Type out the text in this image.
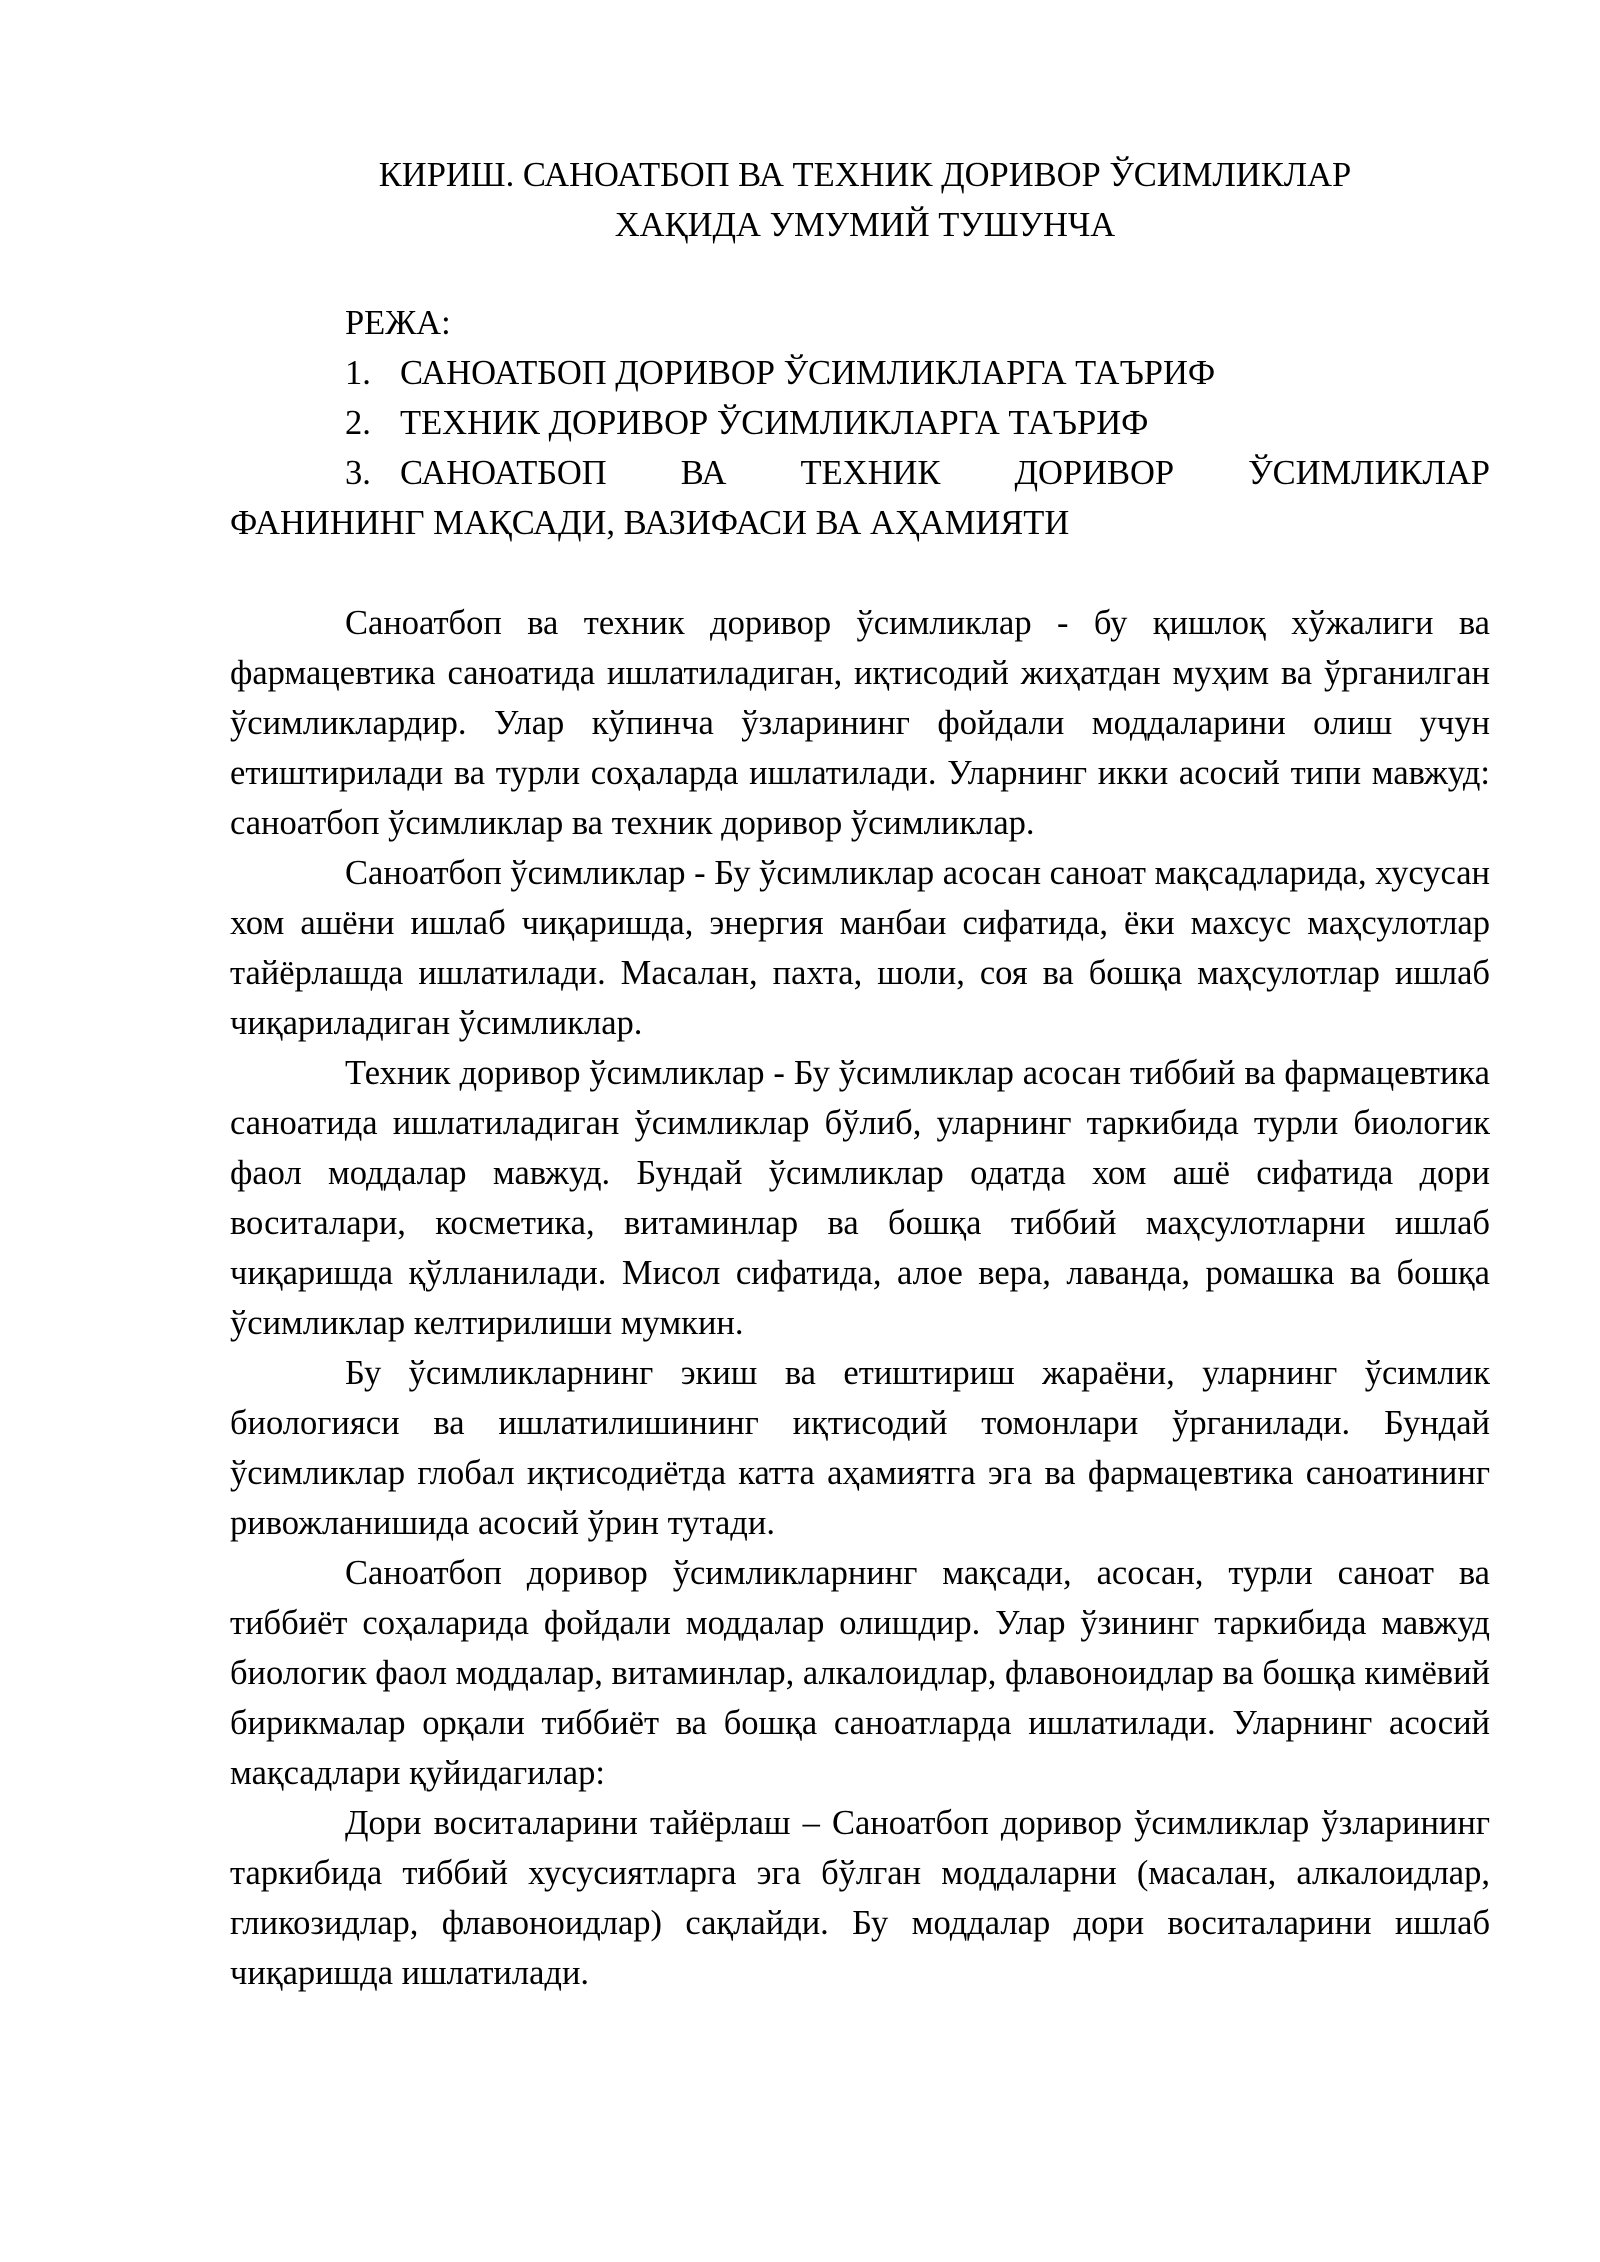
КИРИШ. САНОАТБОП ВА ТЕХНИК ДОРИВОР ЎСИМЛИКЛАР
ХАҚИДА УМУМИЙ ТУШУНЧА
РЕЖА:
1. САНОАТБОП ДОРИВОР ЎСИМЛИКЛАРГА ТАЪРИФ
2. ТЕХНИК ДОРИВОР ЎСИМЛИКЛАРГА ТАЪРИФ
3. САНОАТБОП ВА ТЕХНИК ДОРИВОР ЎСИМЛИКЛАР
ФАНИНИНГ МАҚСАДИ, ВАЗИФАСИ ВА АҲАМИЯТИ

Саноатбоп ва техник доривор ўсимликлар - бу қишлоқ хўжалиги ва фармацевтика саноатида ишлатиладиган, иқтисодий жиҳатдан муҳим ва ўрганилган ўсимликлардир. Улар кўпинча ўзларининг фойдали моддаларини олиш учун етиштирилади ва турли соҳаларда ишлатилади. Уларнинг икки асосий типи мавжуд: саноатбоп ўсимликлар ва техник доривор ўсимликлар.

Саноатбоп ўсимликлар - Бу ўсимликлар асосан саноат мақсадларида, хусусан хом ашёни ишлаб чиқаришда, энергия манбаи сифатида, ёки махсус маҳсулотлар тайёрлашда ишлатилади. Масалан, пахта, шоли, соя ва бошқа маҳсулотлар ишлаб чиқариладиган ўсимликлар.

Техник доривор ўсимликлар - Бу ўсимликлар асосан тиббий ва фармацевтика саноатида ишлатиладиган ўсимликлар бўлиб, уларнинг таркибида турли биологик фаол моддалар мавжуд. Бундай ўсимликлар одатда хом ашё сифатида дори воситалари, косметика, витаминлар ва бошқа тиббий маҳсулотларни ишлаб чиқаришда қўлланилади. Мисол сифатида, алое вера, лаванда, ромашка ва бошқа ўсимликлар келтирилиши мумкин.

Бу ўсимликларнинг экиш ва етиштириш жараёни, уларнинг ўсимлик биологияси ва ишлатилишининг иқтисодий томонлари ўрганилади. Бундай ўсимликлар глобал иқтисодиётда катта аҳамиятга эга ва фармацевтика саноатининг ривожланишида асосий ўрин тутади.

Саноатбоп доривор ўсимликларнинг мақсади, асосан, турли саноат ва тиббиёт соҳаларида фойдали моддалар олишдир. Улар ўзининг таркибида мавжуд биологик фаол моддалар, витаминлар, алкалоидлар, флавоноидлар ва бошқа кимёвий бирикмалар орқали тиббиёт ва бошқа саноатларда ишлатилади. Уларнинг асосий мақсадлари қуйидагилар:

Дори воситаларини тайёрлаш – Саноатбоп доривор ўсимликлар ўзларининг таркибида тиббий хусусиятларга эга бўлган моддаларни (масалан, алкалоидлар, гликозидлар, флавоноидлар) сақлайди. Бу моддалар дори воситаларини ишлаб чиқаришда ишлатилади.
